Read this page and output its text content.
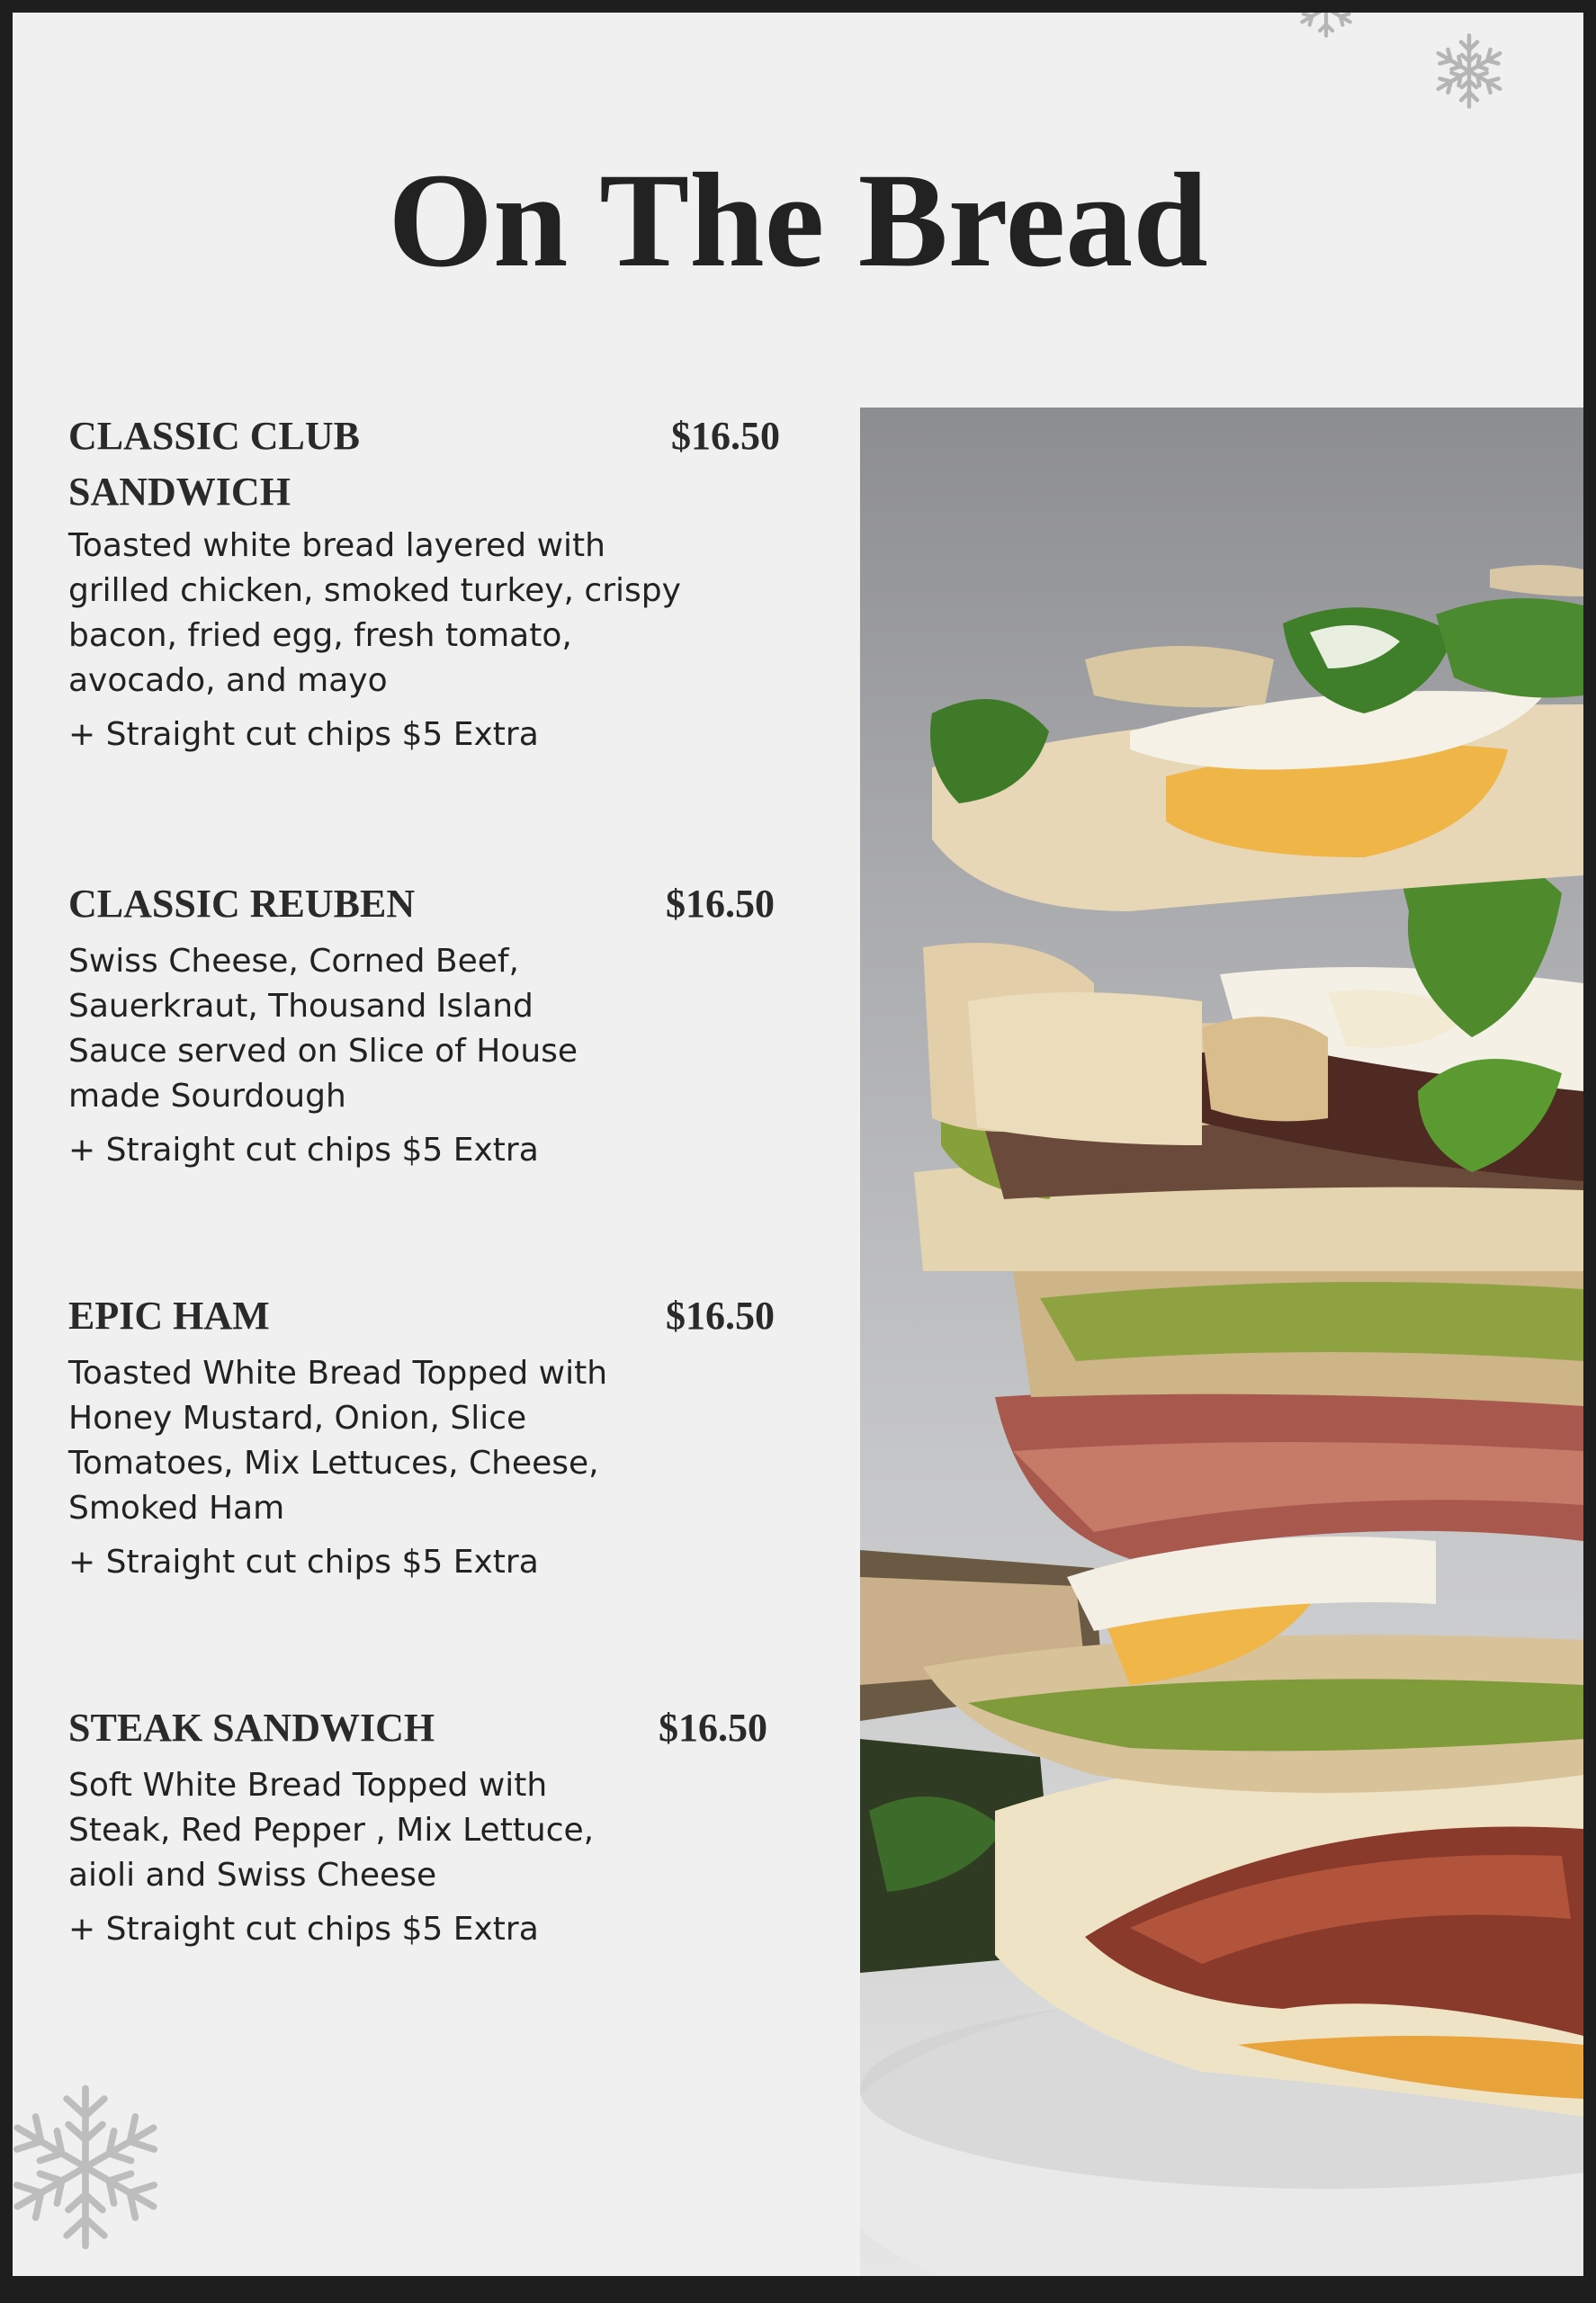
On The Bread
CLASSIC CLUB SANDWICH
$16.50

Toasted white bread layered with grilled chicken, smoked turkey, crispy bacon, fried egg, fresh tomato, avocado, and mayo

+ Straight cut chips $5 Extra

CLASSIC REUBEN	$16.50

Swiss Cheese, Corned Beef, Sauerkraut, Thousand Island Sauce served on Slice of House made Sourdough

+ Straight cut chips $5 Extra

EPIC HAM	$16.50

Toasted White Bread Topped with Honey Mustard, Onion, Slice Tomatoes, Mix Lettuces, Cheese, Smoked Ham

+ Straight cut chips $5 Extra

STEAK SANDWICH	$16.50

Soft White Bread Topped with Steak, Red Pepper , Mix Lettuce, aioli and Swiss Cheese

+ Straight cut chips $5 Extra
